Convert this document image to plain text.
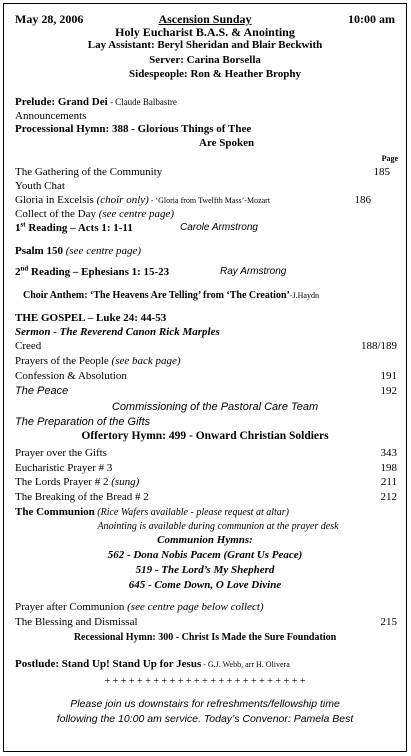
May 28, 2006	Ascension Sunday	10:00 am
Holy Eucharist B.A.S. & Anointing
Lay Assistant: Beryl Sheridan and Blair Beckwith
Server: Carina Borsella
Sidespeople: Ron & Heather Brophy
Prelude: Grand Dei - Claude Balbastre
Announcements
Processional Hymn: 388 - Glorious Things of Thee
Are Spoken
Page
The Gathering of the Community	185
Youth Chat
Gloria in Excelsis (choir only) - ‘Gloria from Twelfth Mass’-Mozart	186
Collect of the Day (see centre page)
1st Reading – Acts 1: 1-11	Carole Armstrong
Psalm 150 (see centre page)
2nd Reading – Ephesians 1: 15-23	Ray Armstrong
Choir Anthem: ‘The Heavens Are Telling’ from ‘The Creation’-J.Haydn
THE GOSPEL – Luke 24: 44-53
Sermon - The Reverend Canon Rick Marples
Creed	188/189
Prayers of the People (see back page)
Confession & Absolution	191
The Peace	192
Commissioning of the Pastoral Care Team
The Preparation of the Gifts
Offertory Hymn: 499 - Onward Christian Soldiers
Prayer over the Gifts	343
Eucharistic Prayer # 3	198
The Lords Prayer # 2 (sung)	211
The Breaking of the Bread # 2	212
The Communion (Rice Wafers available - please request at altar)
Anointing is available during communion at the prayer desk
Communion Hymns:
562 - Dona Nobis Pacem (Grant Us Peace)
519 - The Lord’s My Shepherd
645 - Come Down, O Love Divine
Prayer after Communion (see centre page below collect)
The Blessing and Dismissal	215
Recessional Hymn: 300 - Christ Is Made the Sure Foundation
Postlude: Stand Up! Stand Up for Jesus - G.J. Webb, arr H. Olivera
+ + + + + + + + + + + + + + + + + + + + + + + + +
Please join us downstairs for refreshments/fellowship time
following the 10:00 am service. Today’s Convenor: Pamela Best
